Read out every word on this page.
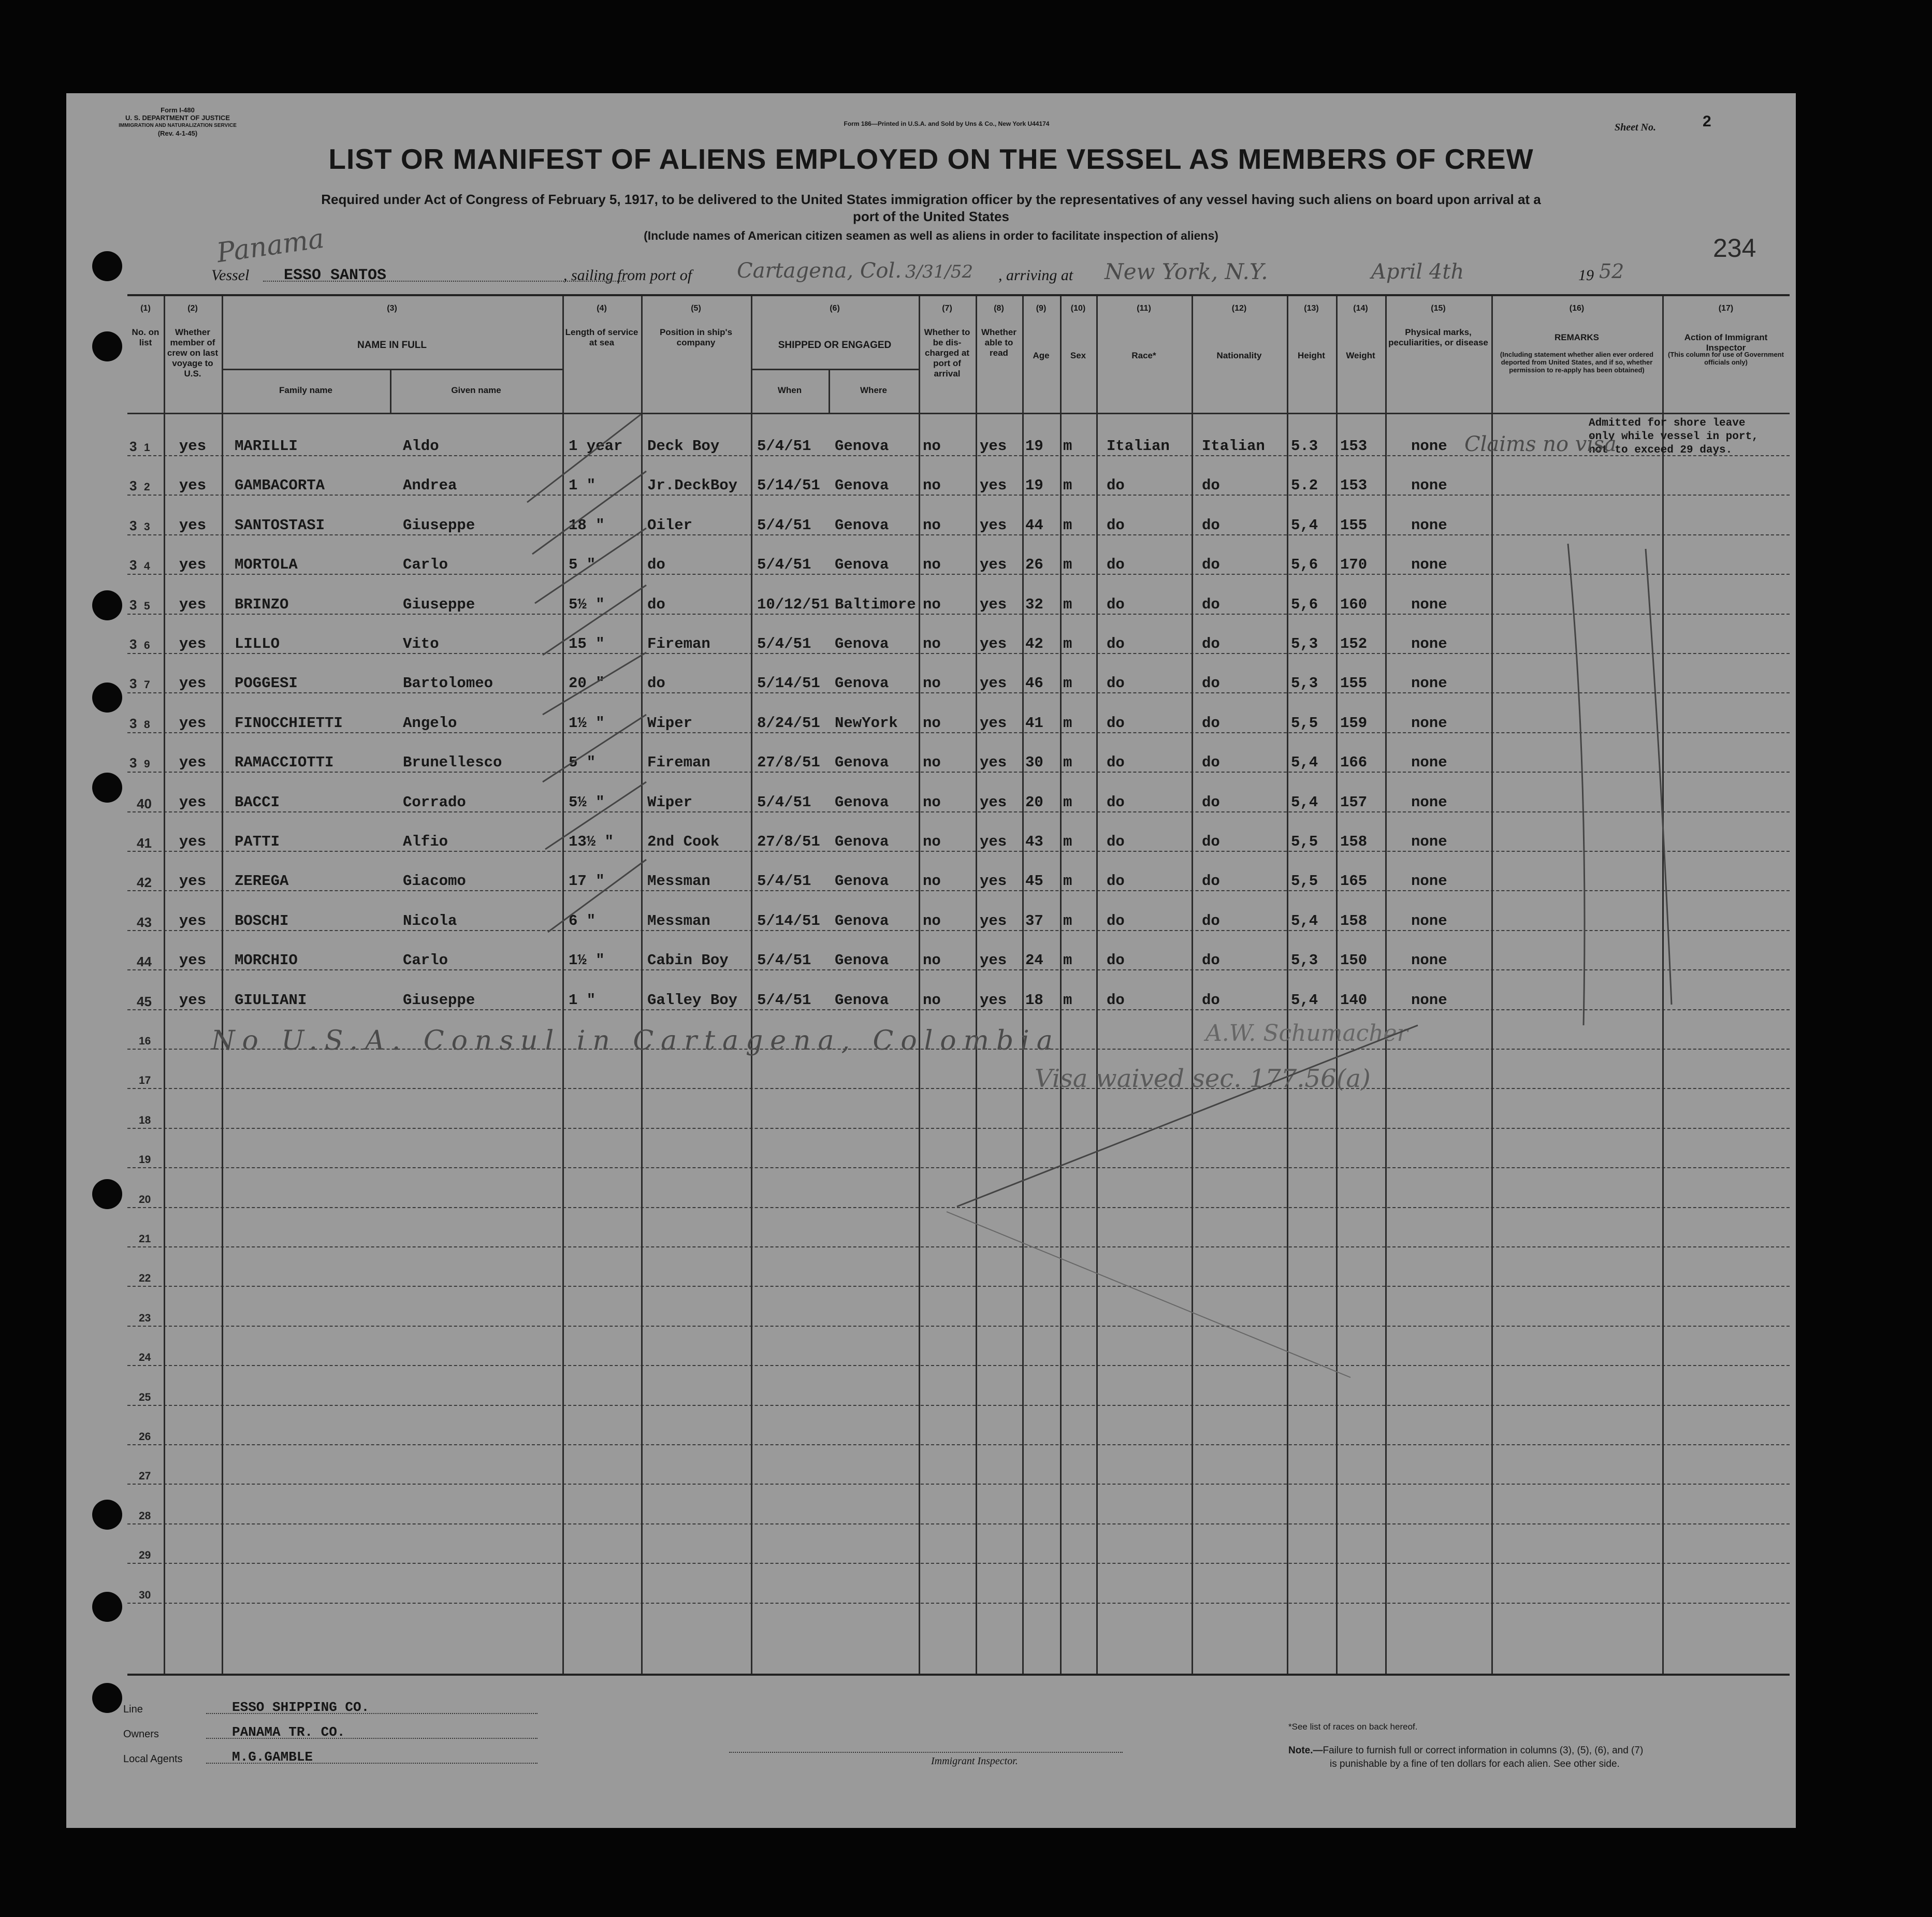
Form I-480
U. S. DEPARTMENT OF JUSTICE
IMMIGRATION AND NATURALIZATION SERVICE
(Rev. 4-1-45)
Form 186—Printed in U.S.A. and Sold by Uns & Co., New York U44174	Sheet No.	2
LIST OR MANIFEST OF ALIENS EMPLOYED ON THE VESSEL AS MEMBERS OF CREW
Required under Act of Congress of February 5, 1917, to be delivered to the United States immigration officer by the representatives of any vessel having such aliens on board upon arrival at a
port of the United States
(Include names of American citizen seamen as well as aliens in order to facilitate inspection of aliens)	234
Panama
Vessel ESSO SANTOS	, sailing from port of Cartagena, Col. 3/31/52 , arriving at New York, N.Y.	April 4th	19 52
(1)
No. on list
(2)
Whether member of crew on last voyage to U.S.
(3)
NAME IN FULL
Family name	Given name
(4)
Length of service at sea
(5)
Position in ship's company
(6)
SHIPPED OR ENGAGED
When	Where
(7)
Whether to be dis-charged at port of arrival
(8)
Whether able to read
(9)
Age
(10)
Sex
(11)
Race*
(12)
Nationality
(13)
Height
(14)
Weight
(15)
Physical marks, peculiarities, or disease
(16)
REMARKS
(Including statement whether alien ever ordered deported from United States, and if so, whether permission to re-apply has been obtained)
(17)
Action of Immigrant Inspector
(This column for use of Government officials only)
3 1	yes	MARILLI	Aldo	1 year	Deck Boy	5/4/51	Genova	no	yes	19	m	Italian	Italian	5.3	153	none
3 2	yes	GAMBACORTA	Andrea	1 "	Jr.DeckBoy	5/14/51 Genova	no	yes	19	m	do	do	5.2	153	none
3 3	yes	SANTOSTASI	Giuseppe	18 "	Oiler	5/4/51	Genova	no	yes	44	m	do	do	5,4	155	none
3 4	yes	MORTOLA	Carlo	5 "	do	5/4/51	Genova	no	yes	26	m	do	do	5,6	170	none
3 5	yes	BRINZO	Giuseppe	5½ "	do	10/12/51 Baltimore no	yes	32	m	do	do	5,6	160	none
3 6	yes	LILLO	Vito	15 "	Fireman	5/4/51	Genova	no	yes	42	m	do	do	5,3	152	none
3 7	yes	POGGESI	Bartolomeo	20 "	do	5/14/51 Genova	no	yes	46	m	do	do	5,3	155	none
3 8	yes	FINOCCHIETTI	Angelo	1½ "	Wiper	8/24/51 NewYork	no	yes	41	m	do	do	5,5	159	none
3 9	yes	RAMACCIOTTI	Brunellesco	5 "	Fireman	27/8/51 Genova	no	yes	30	m	do	do	5,4	166	none
40	yes	BACCI	Corrado	5½ "	Wiper	5/4/51	Genova	no	yes	20	m	do	do	5,4	157	none
41	yes	PATTI	Alfio	13½ "	2nd Cook	27/8/51 Genova	no	yes	43	m	do	do	5,5	158	none
42	yes	ZEREGA	Giacomo	17 "	Messman	5/4/51	Genova	no	yes	45	m	do	do	5,5	165	none
43	yes	BOSCHI	Nicola	6 "	Messman	5/14/51 Genova	no	yes	37	m	do	do	5,4	158	none
44	yes	MORCHIO	Carlo	1½ "	Cabin Boy	5/4/51	Genova	no	yes	24	m	do	do	5,3	150	none
45	yes	GIULIANI	Giuseppe	1 "	Galley Boy	5/4/51	Genova	no	yes	18	m	do	do	5,4	140	none
16
17
18
19
20
21
22
23
24
25
26
27
28
29
30
Admitted for shore leave only while vessel in port, not to exceed 29 days.
Claims no visa
No U.S.A. Consul in Cartagena, Colombia	A.W. Schumacher
Visa waived sec. 177.56(a)
Line	ESSO SHIPPING CO.
Owners	PANAMA TR. CO.
Local Agents	M.G.GAMBLE	Immigrant Inspector.
*See list of races on back hereof.
Note.—Failure to furnish full or correct information in columns (3), (5), (6), and (7)
is punishable by a fine of ten dollars for each alien. See other side.
